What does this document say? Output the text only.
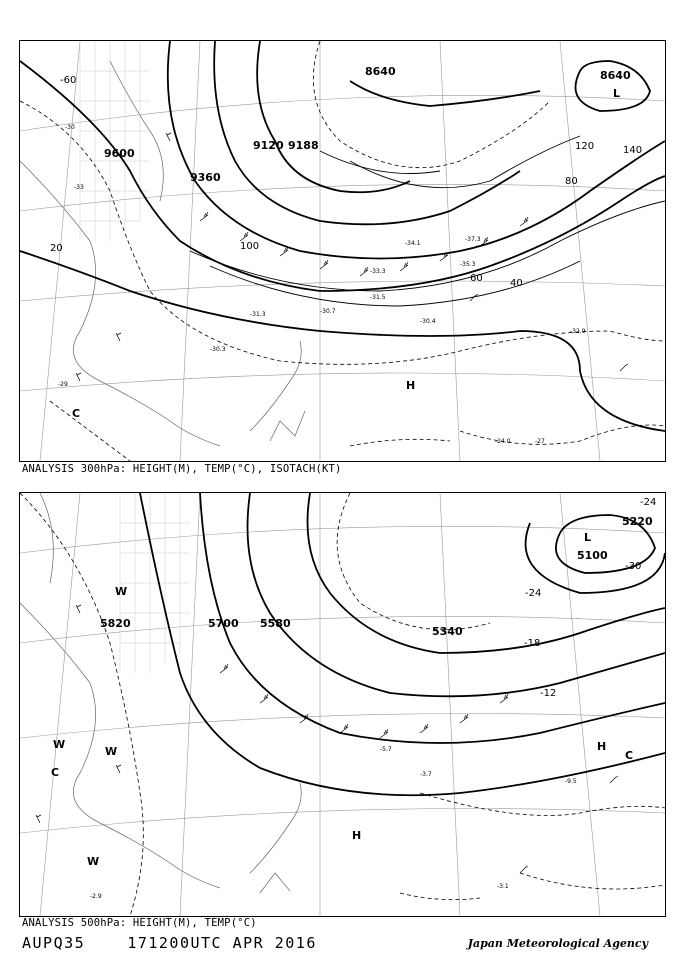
9600
9360
9120 9188
8640	8640
20
40
60
80
100
120	140
-60
-30
-33
-35.3
-31.5
-30.4
-31.3	-30.7
-30.3
-33.3
-34.1
-37.3
-32.9
-24.0	-27
-29
L
H
C
ANALYSIS 300hPa: HEIGHT(M), TEMP(°C), ISOTACH(KT)
5820	5700 5580
5340
5220
5100
-12
-18
-24
-30
-24
-5.7
-3.7
-9.5
-3.1
-2.9
L
H
H
W
W
W
W
C
C
ANALYSIS 500hPa: HEIGHT(M), TEMP(°C)
AUPQ35	171200UTC APR 2016	Japan Meteorological Agency
